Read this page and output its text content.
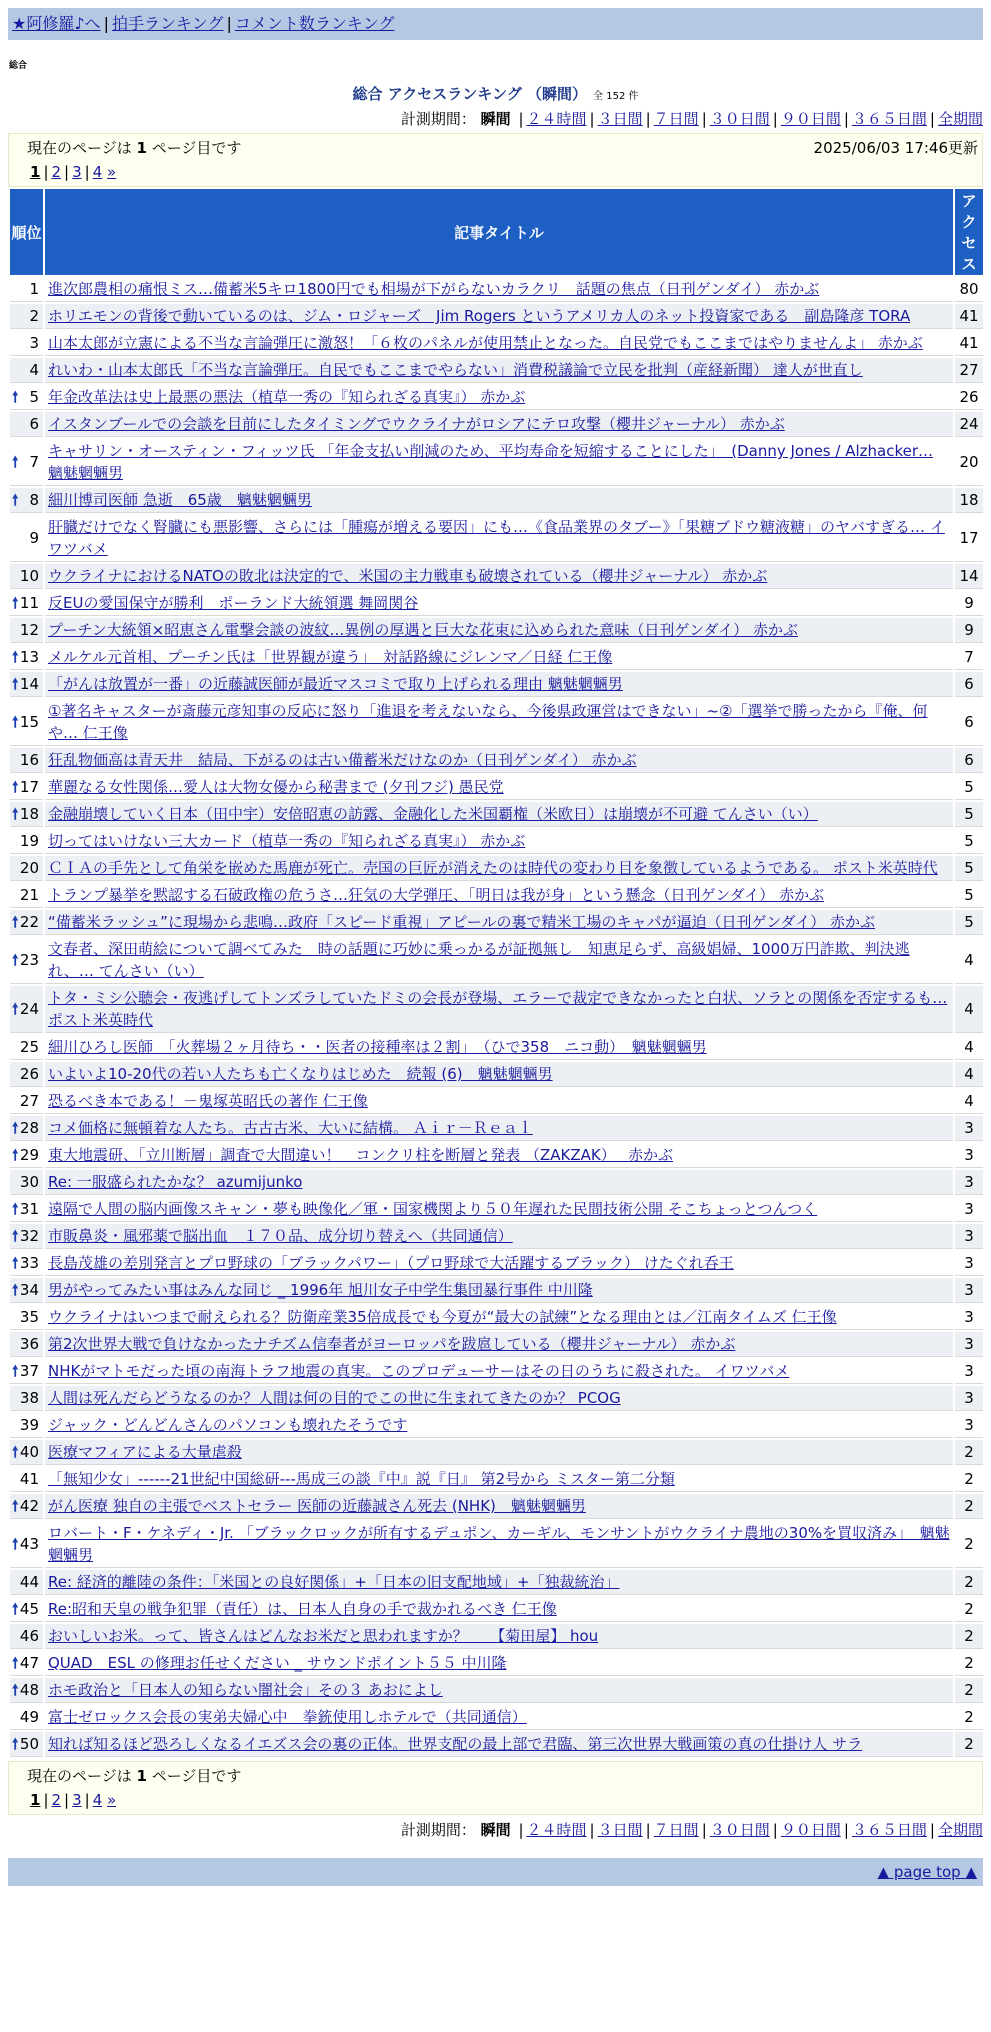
★阿修羅♪へ | 拍手ランキング | コメント数ランキング
総合
総合 アクセスランキング （瞬間） 全 152 件
計測期間： 瞬間 | ２４時間 | ３日間 | ７日間 | ３０日間 | ９０日間 | ３６５日間 | 全期間
現在のページは 1 ページ目です	2025/06/03 17:46更新
1 | 2 | 3 | 4 »
順位	記事タイトル	アクセス
1	進次郎農相の痛恨ミス…備蓄米5キロ1800円でも相場が下がらないカラクリ　話題の焦点（日刊ゲンダイ） 赤かぶ	80
2	ホリエモンの背後で動いているのは、ジム・ロジャーズ　Jim Rogers というアメリカ人のネット投資家である　副島隆彦 TORA	41
3	山本太郎が立憲による不当な言論弾圧に激怒！「６枚のパネルが使用禁止となった。自民党でもここまではやりませんよ」 赤かぶ	41
4	れいわ・山本太郎氏「不当な言論弾圧。自民でもここまでやらない」消費税議論で立民を批判（産経新聞） 達人が世直し	27

🠕 5	年金改革法は史上最悪の悪法（植草一秀の『知られざる真実』） 赤かぶ	26
6	イスタンブールでの会談を目前にしたタイミングでウクライナがロシアにテロ攻撃（櫻井ジャーナル） 赤かぶ	24

🠕 7	キャサリン・オースティン・フィッツ氏 「年金支払い削減のため、平均寿命を短縮することにした」　(Danny Jones / Alzhacker… 魑魅魍魎男	20

🠕 8	細川博司医師 急逝　65歳　魑魅魍魎男	18
9	肝臓だけでなく腎臓にも悪影響、さらには「腫瘍が増える要因」にも…《食品業界のタブー》「果糖ブドウ糖液糖」のヤバすぎる… イワツバメ	17
10	ウクライナにおけるNATOの敗北は決定的で、米国の主力戦車も破壊されている（櫻井ジャーナル） 赤かぶ	14

🠕 11	反EUの愛国保守が勝利　ポーランド大統領選 舞岡関谷	9
12	プーチン大統領×昭恵さん電撃会談の波紋…異例の厚遇と巨大な花束に込められた意味（日刊ゲンダイ） 赤かぶ	9

🠕 13	メルケル元首相、プーチン氏は「世界観が違う」　対話路線にジレンマ／日経 仁王像	7

🠕 14	「がんは放置が一番」の近藤誠医師が最近マスコミで取り上げられる理由 魑魅魍魎男	6

🠕 15	①著名キャスターが斎藤元彦知事の反応に怒り「進退を考えないなら、今後県政運営はできない」~②「選挙で勝ったから『俺、何や… 仁王像	6
16	狂乱物価高は青天井　結局、下がるのは古い備蓄米だけなのか（日刊ゲンダイ） 赤かぶ	6

🠕 17	華麗なる女性関係…愛人は大物女優から秘書まで (夕刊フジ) 愚民党	5

🠕 18	金融崩壊していく日本（田中宇）安倍昭恵の訪露、金融化した米国覇権（米欧日）は崩壊が不可避 てんさい（い）	5
19	切ってはいけない三大カード（植草一秀の『知られざる真実』） 赤かぶ	5
20	ＣＩＡの手先として角栄を嵌めた馬鹿が死亡。売国の巨匠が消えたのは時代の変わり目を象徴しているようである。 ポスト米英時代	5
21	トランプ暴挙を黙認する石破政権の危うさ…狂気の大学弾圧、「明日は我が身」という懸念（日刊ゲンダイ） 赤かぶ	5

🠕 22	“備蓄米ラッシュ”に現場から悲鳴…政府「スピード重視」アピールの裏で精米工場のキャパが逼迫（日刊ゲンダイ） 赤かぶ	5

🠕 23	文春者、深田萌絵について調べてみた　時の話題に巧妙に乗っかるが証拠無し　知恵足らず、高級娼婦、1000万円詐欺、判決逃れ、… てんさい（い）	4

🠕 24	トタ・ミシ公聴会・夜逃げしてトンズラしていたドミの会長が登場、エラーで裁定できなかったと白状、ソラとの関係を否定するも… ポスト米英時代	4
25	細川ひろし医師　「火葬場２ヶ月待ち・・医者の接種率は２割」　（ひで358　ニコ動）　魑魅魍魎男	4
26	いよいよ10-20代の若い人たちも亡くなりはじめた　続報 (6)　魑魅魍魎男	4
27	恐るべき本である！－鬼塚英昭氏の著作 仁王像	4

🠕 28	コメ価格に無頓着な人たち。古古古米、大いに結構。 Ａｉｒ－Ｒｅａｌ	3

🠕 29	東大地震研、「立川断層」調査で大間違い！　コンクリ柱を断層と発表 （ZAKZAK）　 赤かぶ	3
30	Re: 一服盛られたかな？ azumijunko	3

🠕 31	遠隔で人間の脳内画像スキャン・夢も映像化／軍・国家機関より５０年遅れた民間技術公開 そこちょっとつんつく	3

🠕 32	市販鼻炎・風邪薬で脳出血　１７０品、成分切り替えへ（共同通信）	3

🠕 33	長島茂雄の差別発言とプロ野球の「ブラックパワー」（プロ野球で大活躍するブラック） けたぐれ呑王	3

🠕 34	男がやってみたい事はみんな同じ _ 1996年 旭川女子中学生集団暴行事件 中川隆	3
35	ウクライナはいつまで耐えられる？防衛産業35倍成長でも今夏が“最大の試練”となる理由とは／江南タイムズ 仁王像	3
36	第2次世界大戦で負けなかったナチズム信奉者がヨーロッパを跋扈している（櫻井ジャーナル） 赤かぶ	3

🠕 37	NHKがマトモだった頃の南海トラフ地震の真実。このプロデューサーはその日のうちに殺された。 イワツバメ	3
38	人間は死んだらどうなるのか？人間は何の目的でこの世に生まれてきたのか？ PCOG	3
39	ジャック・どんどんさんのパソコンも壊れたそうです	3

🠕 40	医療マフィアによる大量虐殺	2
41	「無知少女」------21世紀中国総研---馬成三の談『中』説『日』 第2号から ミスター第二分類	2

🠕 42	がん医療 独自の主張でベストセラー 医師の近藤誠さん死去 (NHK)　魑魅魍魎男	2

🠕 43	ロバート・F・ケネディ・Jr. 「ブラックロックが所有するデュポン、カーギル、モンサントがウクライナ農地の30%を買収済み」　魑魅魍魎男	2
44	Re: 経済的離陸の条件：「米国との良好関係」+「日本の旧支配地域」+「独裁統治」	2

🠕 45	Re:昭和天皇の戦争犯罪（責任）は、日本人自身の手で裁かれるべき 仁王像	2
46	おいしいお米。って、皆さんはどんなお米だと思われますか？　　【菊田屋】 hou	2

🠕 47	QUAD　ESL の修理お任せください _ サウンドポイント５５ 中川隆	2

🠕 48	ホモ政治と「日本人の知らない闇社会」その３ あおによし	2
49	富士ゼロックス会長の実弟夫婦心中　拳銃使用しホテルで（共同通信）	2

🠕 50	知れば知るほど恐ろしくなるイエズス会の裏の正体。世界支配の最上部で君臨、第三次世界大戦画策の真の仕掛け人 サラ	2
現在のページは 1 ページ目です
1 | 2 | 3 | 4 »
計測期間： 瞬間 | ２４時間 | ３日間 | ７日間 | ３０日間 | ９０日間 | ３６５日間 | 全期間
▲ page top ▲
